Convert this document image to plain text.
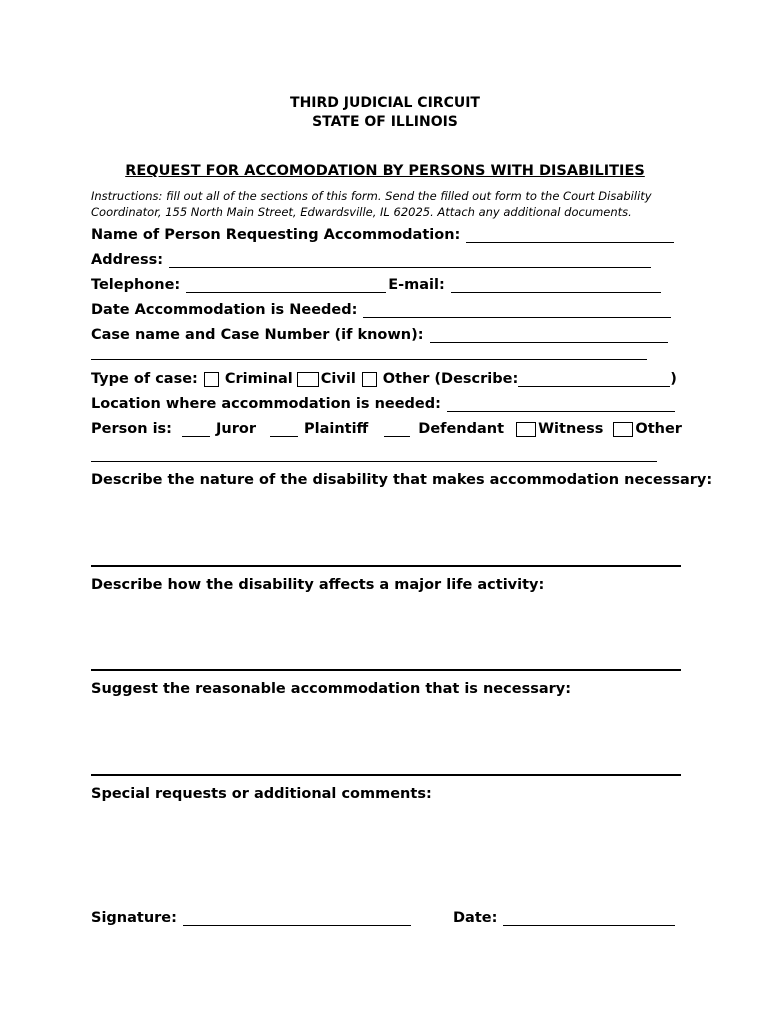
THIRD JUDICIAL CIRCUIT
STATE OF ILLINOIS
REQUEST FOR ACCOMODATION BY PERSONS WITH DISABILITIES
Instructions: fill out all of the sections of this form. Send the filled out form to the Court Disability
Coordinator, 155 North Main Street, Edwardsville, IL 62025. Attach any additional documents.
Name of Person Requesting Accommodation:
Address:
Telephone:	E-mail:
Date Accommodation is Needed:
Case name and Case Number (if known):
Type of case: Criminal Civil Other (Describe:	)
Location where accommodation is needed:
Person is:	Juror	Plaintiff	Defendant Witness Other
Describe the nature of the disability that makes accommodation necessary:
Describe how the disability affects a major life activity:
Suggest the reasonable accommodation that is necessary:
Special requests or additional comments:
Signature:	Date:
